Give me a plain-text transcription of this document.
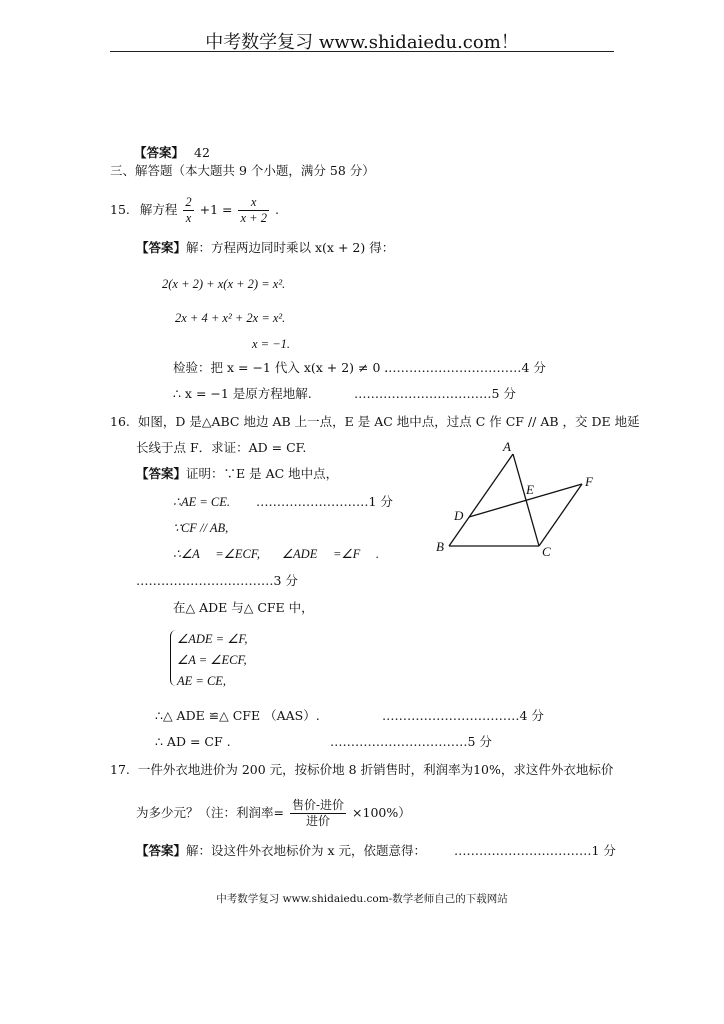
中考数学复习 www.shidaiedu.com！
【答案】 42
三、解答题（本大题共 9 个小题，满分 58 分）
15. 解方程 $\frac{2}{x} +1 = \frac{x}{x + 2}$ .
【答案】解：方程两边同时乘以 x(x + 2) 得：
2(x + 2) + x(x + 2) = x².
2x + 4 + x² + 2x = x².
x = −1.
检验：把 x = −1 代入 x(x + 2) ≠ 0 .
……………………………4 分
∴ x = −1 是原方程地解.	……………………………5 分
16. 如图，D 是△ABC 地边 AB 上一点，E 是 AC 地中点，过点 C 作 CF // AB ，交 DE 地延
长线于点 F．求证：AD = CF.
【答案】证明：∵E 是 AC 地中点，
∴AE = CE. ………………………1 分
∵CF // AB,
∴∠A     =∠ECF,       ∠ADE     =∠F     .
……………………………3 分
在△ ADE 与△ CFE 中，
∠ADE = ∠F,
∠A = ∠ECF,
AE = CE,
∴△ ADE ≌△ CFE （AAS）.	……………………………4 分
∴ AD = CF .	……………………………5 分
A
B	C
D
E
F
17. 一件外衣地进价为 200 元，按标价地 8 折销售时，利润率为10%，求这件外衣地标价
为多少元？（注：利润率= $\frac{\text{售价-进价}}{\text{进价}} \times 100\%$）
【答案】解：设这件外衣地标价为 x 元，依题意得： ……………………………1 分
中考数学复习 www.shidaiedu.com-数学老师自己的下载网站
